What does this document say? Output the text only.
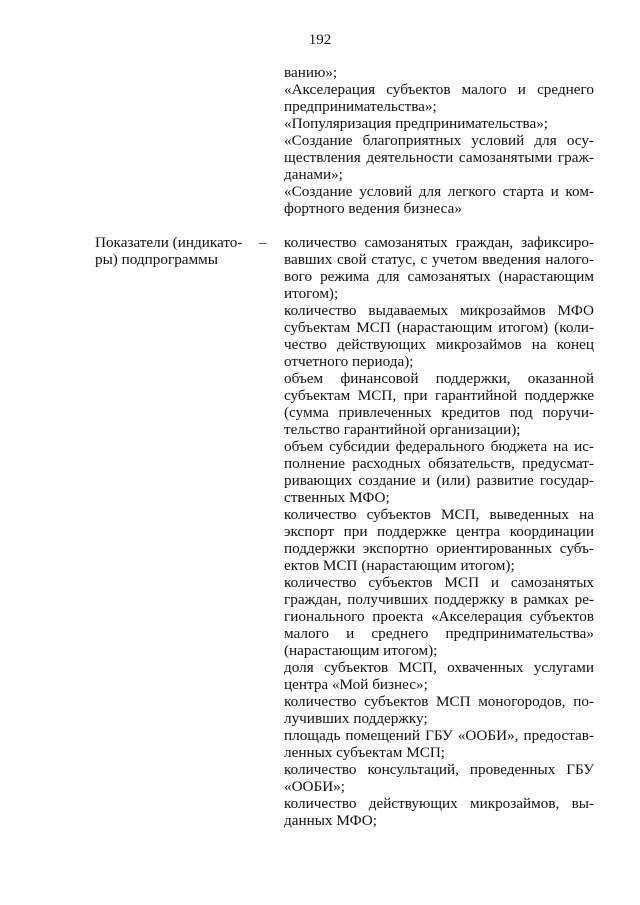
192
ванию»;
«Акселерация субъектов малого и среднего
предпринимательства»;
«Популяризация предпринимательства»;
«Создание благоприятных условий для осу-
ществления деятельности самозанятыми граж-
данами»;
«Создание условий для легкого старта и ком-
фортного ведения бизнеса»
Показатели (индикато-
ры) подпрограммы
– количество самозанятых граждан, зафиксиро-
вавших свой статус, с учетом введения налого-
вого режима для самозанятых (нарастающим
итогом);
количество выдаваемых микрозаймов МФО
субъектам МСП (нарастающим итогом) (коли-
чество действующих микрозаймов на конец
отчетного периода);
объем финансовой поддержки, оказанной
субъектам МСП, при гарантийной поддержке
(сумма привлеченных кредитов под поручи-
тельство гарантийной организации);
объем субсидии федерального бюджета на ис-
полнение расходных обязательств, предусмат-
ривающих создание и (или) развитие государ-
ственных МФО;
количество субъектов МСП, выведенных на
экспорт при поддержке центра координации
поддержки экспортно ориентированных субъ-
ектов МСП (нарастающим итогом);
количество субъектов МСП и самозанятых
граждан, получивших поддержку в рамках ре-
гионального проекта «Акселерация субъектов
малого и среднего предпринимательства»
(нарастающим итогом);
доля субъектов МСП, охваченных услугами
центра «Мой бизнес»;
количество субъектов МСП моногородов, по-
лучивших поддержку;
площадь помещений ГБУ «ООБИ», предостав-
ленных субъектам МСП;
количество консультаций, проведенных ГБУ
«ООБИ»;
количество действующих микрозаймов, вы-
данных МФО;
